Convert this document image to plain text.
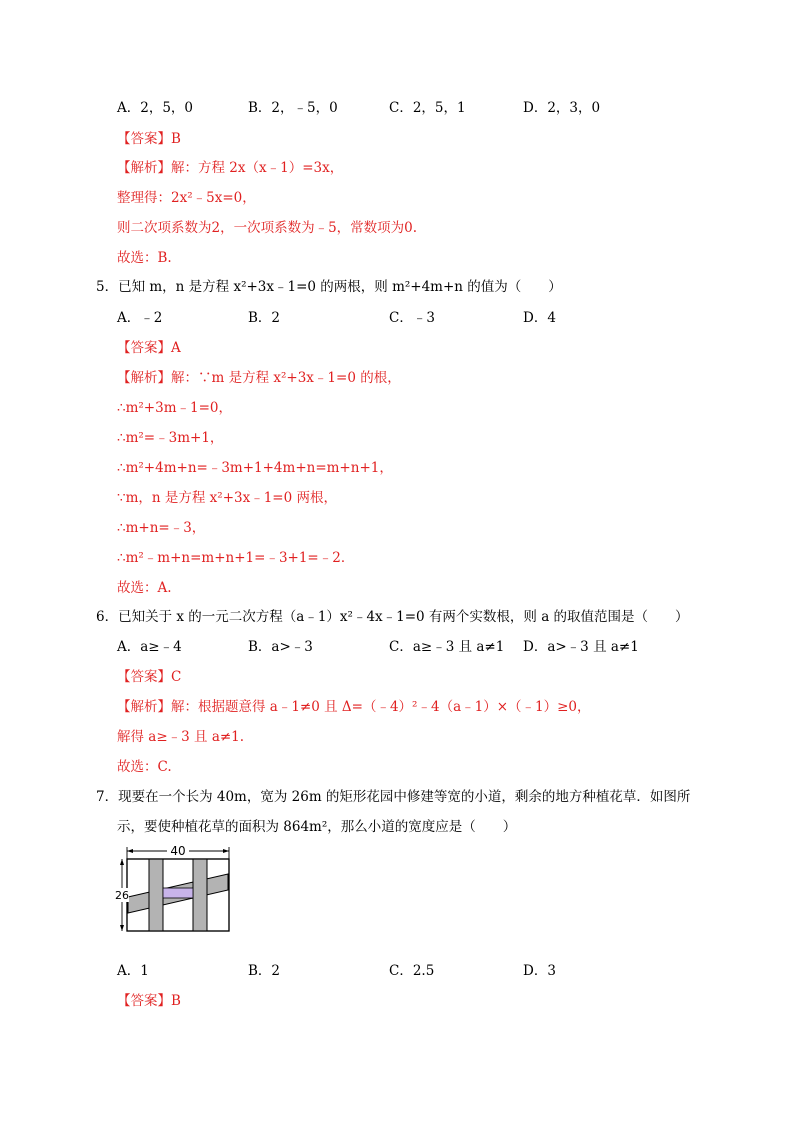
A．2，5，0	B．2，﹣5，0	C．2，5，1	D．2，3，0
【答案】B
【解析】解：方程 2x（x﹣1）=3x，
整理得：2x²﹣5x=0，
则二次项系数为2，一次项系数为﹣5，常数项为0.
故选：B.
5．已知 m，n 是方程 x²+3x﹣1=0 的两根，则 m²+4m+n 的值为（　　）
A．﹣2	B．2	C．﹣3	D．4
【答案】A
【解析】解：∵m 是方程 x²+3x﹣1=0 的根，
∴m²+3m﹣1=0，
∴m²=﹣3m+1，
∴m²+4m+n=﹣3m+1+4m+n=m+n+1，
∵m，n 是方程 x²+3x﹣1=0 两根，
∴m+n=﹣3，
∴m²﹣m+n=m+n+1=﹣3+1=﹣2．
故选：A.
6．已知关于 x 的一元二次方程（a﹣1）x²﹣4x﹣1=0 有两个实数根，则 a 的取值范围是（　　）
A．a≥﹣4	B．a>﹣3	C．a≥﹣3 且 a≠1 D．a>﹣3 且 a≠1
【答案】C
【解析】解：根据题意得 a﹣1≠0 且 Δ=（﹣4）²﹣4（a﹣1）×（﹣1）≥0，
解得 a≥﹣3 且 a≠1.
故选：C.
7．现要在一个长为 40m，宽为 26m 的矩形花园中修建等宽的小道，剩余的地方种植花草．如图所
示，要使种植花草的面积为 864m²，那么小道的宽度应是（　　）
40
26
A．1	B．2	C．2.5	D．3
【答案】B
